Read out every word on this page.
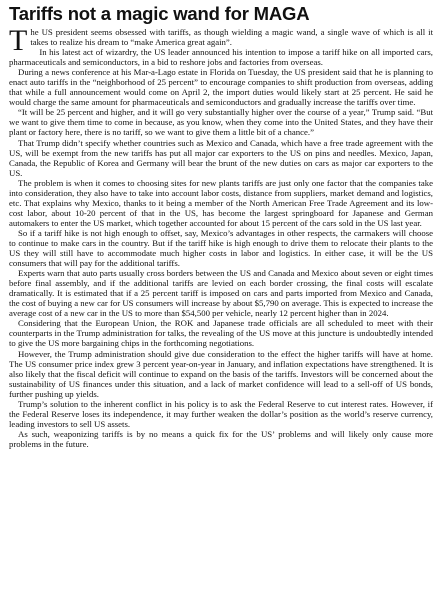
Tariffs not a magic wand for MAGA

The US president seems obsessed with tariffs, as though wielding a magic wand, a single wave of which is all it takes to realize his dream to “make America great again”.

In his latest act of wizardry, the US leader announced his intention to impose a tariff hike on all imported cars, pharmaceuticals and semiconductors, in a bid to reshore jobs and factories from overseas.

During a news conference at his Mar-a-Lago estate in Florida on Tuesday, the US president said that he is planning to enact auto tariffs in the “neighborhood of 25 percent” to encourage companies to shift production from overseas, adding that while a full announcement would come on April 2, the import duties would likely start at 25 percent. He said he would charge the same amount for pharmaceuticals and semiconductors and gradually increase the tariffs over time.

“It will be 25 percent and higher, and it will go very substantially higher over the course of a year,” Trump said. “But we want to give them time to come in because, as you know, when they come into the United States, and they have their plant or factory here, there is no tariff, so we want to give them a little bit of a chance.”

That Trump didn’t specify whether countries such as Mexico and Canada, which have a free trade agreement with the US, will be exempt from the new tariffs has put all major car exporters to the US on pins and needles. Mexico, Japan, Canada, the Republic of Korea and Germany will bear the brunt of the new duties on cars as major car exporters to the US.

The problem is when it comes to choosing sites for new plants tariffs are just only one factor that the companies take into consideration, they also have to take into account labor costs, distance from suppliers, market demand and logistics, etc. That explains why Mexico, thanks to it being a member of the North American Free Trade Agreement and its low-cost labor, about 10-20 percent of that in the US, has become the largest springboard for Japanese and German automakers to enter the US market, which together accounted for about 15 percent of the cars sold in the US last year.

So if a tariff hike is not high enough to offset, say, Mexico’s advantages in other respects, the carmakers will choose to continue to make cars in the country. But if the tariff hike is high enough to drive them to relocate their plants to the US they will still have to accommodate much higher costs in labor and logistics. In either case, it will be the US consumers that will pay for the additional tariffs.

Experts warn that auto parts usually cross borders between the US and Canada and Mexico about seven or eight times before final assembly, and if the additional tariffs are levied on each border crossing, the final costs will escalate dramatically. It is estimated that if a 25 percent tariff is imposed on cars and parts imported from Mexico and Canada, the cost of buying a new car for US consumers will increase by about $5,790 on average. This is expected to increase the average cost of a new car in the US to more than $54,500 per vehicle, nearly 12 percent higher than in 2024.

Considering that the European Union, the ROK and Japanese trade officials are all scheduled to meet with their counterparts in the Trump administration for talks, the revealing of the US move at this juncture is undoubtedly intended to give the US more bargaining chips in the forthcoming negotiations.

However, the Trump administration should give due consideration to the effect the higher tariffs will have at home. The US consumer price index grew 3 percent year-on-year in January, and inflation expectations have strengthened. It is also likely that the fiscal deficit will continue to expand on the basis of the tariffs. Investors will be concerned about the sustainability of US finances under this situation, and a lack of market confidence will lead to a sell-off of US bonds, further pushing up yields.

Trump’s solution to the inherent conflict in his policy is to ask the Federal Reserve to cut interest rates. However, if the Federal Reserve loses its independence, it may further weaken the dollar’s position as the world’s reserve currency, leading investors to sell US assets.

As such, weaponizing tariffs is by no means a quick fix for the US’ problems and will likely only cause more problems in the future.
